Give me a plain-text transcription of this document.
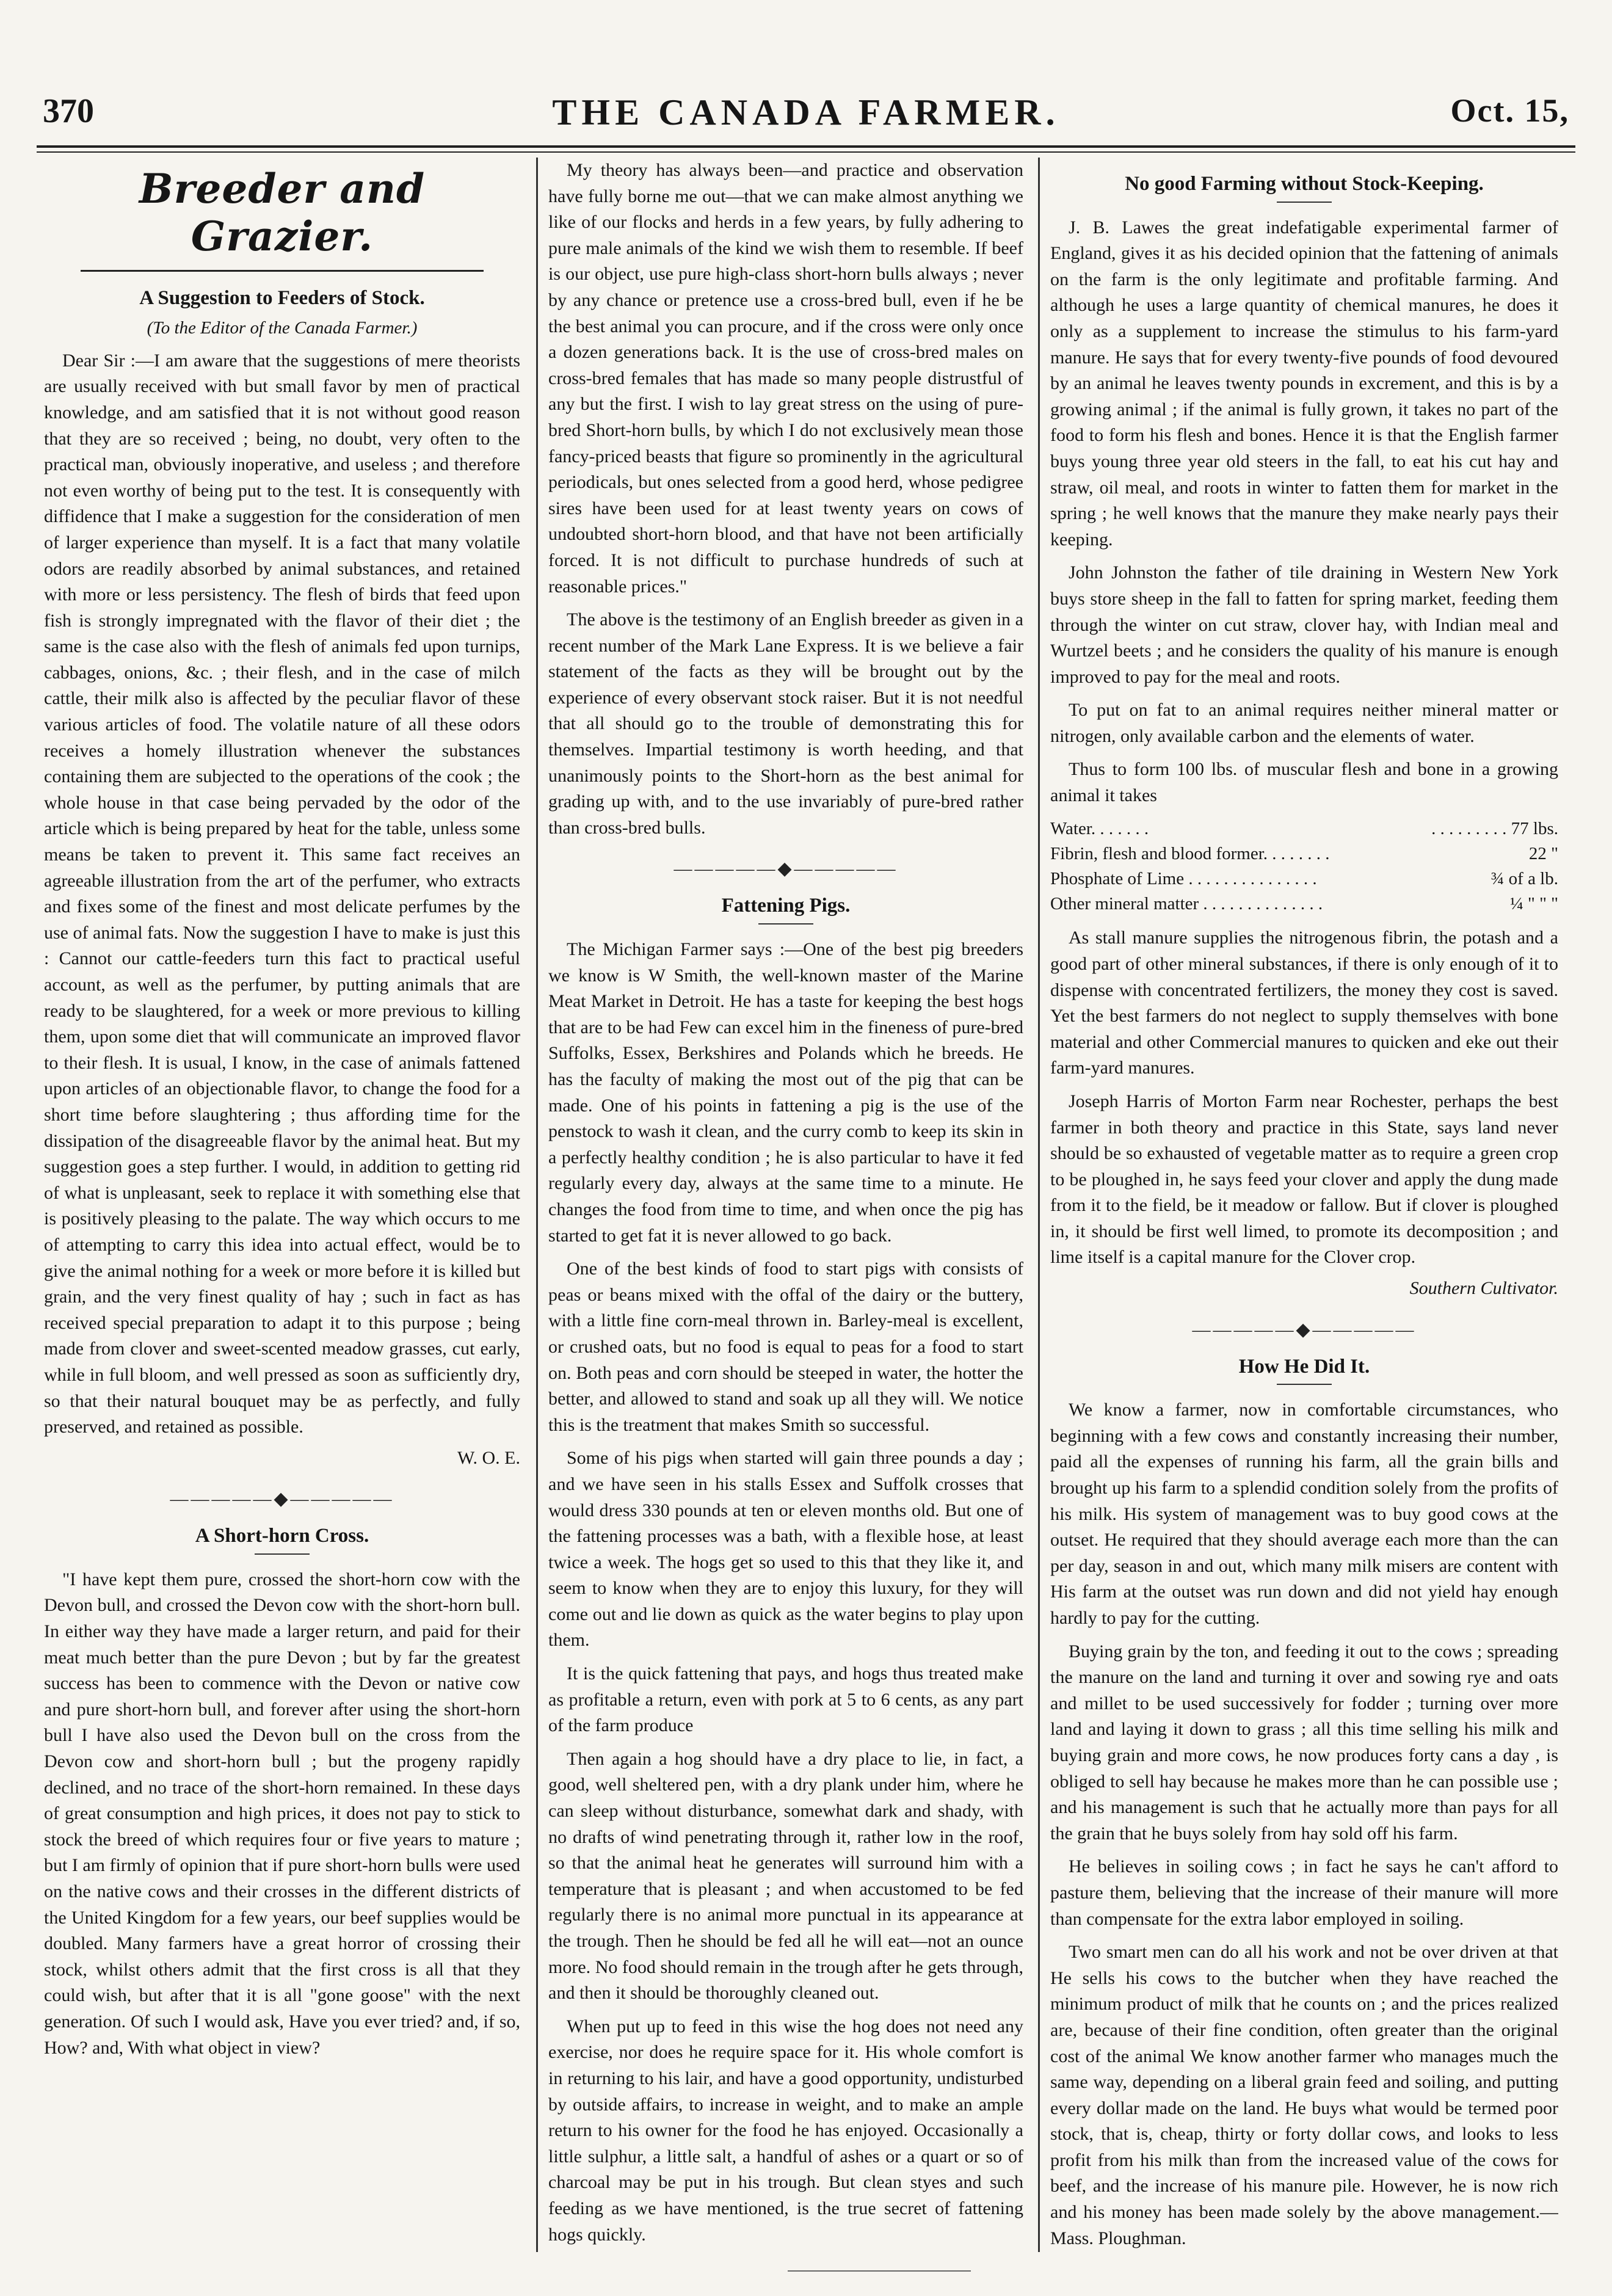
370	THE CANADA FARMER.	Oct. 15,
Breeder and Grazier.
A Suggestion to Feeders of Stock.

(To the Editor of the Canada Farmer.)

Dear Sir :—I am aware that the suggestions of mere theorists are usually received with but small favor by men of practical knowledge, and am satisfied that it is not without good reason that they are so received ; being, no doubt, very often to the practical man, obviously inoperative, and useless ; and therefore not even worthy of being put to the test. It is consequently with diffidence that I make a suggestion for the consideration of men of larger experience than myself. It is a fact that many volatile odors are readily absorbed by animal substances, and retained with more or less persistency. The flesh of birds that feed upon fish is strongly impregnated with the flavor of their diet ; the same is the case also with the flesh of animals fed upon turnips, cabbages, onions, &c. ; their flesh, and in the case of milch cattle, their milk also is affected by the peculiar flavor of these various articles of food. The volatile nature of all these odors receives a homely illustration whenever the substances containing them are subjected to the operations of the cook ; the whole house in that case being pervaded by the odor of the article which is being prepared by heat for the table, unless some means be taken to prevent it. This same fact receives an agreeable illustration from the art of the perfumer, who extracts and fixes some of the finest and most delicate perfumes by the use of animal fats. Now the suggestion I have to make is just this : Cannot our cattle-feeders turn this fact to practical useful account, as well as the perfumer, by putting animals that are ready to be slaughtered, for a week or more previous to killing them, upon some diet that will communicate an improved flavor to their flesh. It is usual, I know, in the case of animals fattened upon articles of an objectionable flavor, to change the food for a short time before slaughtering ; thus affording time for the dissipation of the disagreeable flavor by the animal heat. But my suggestion goes a step further. I would, in addition to getting rid of what is unpleasant, seek to replace it with something else that is positively pleasing to the palate. The way which occurs to me of attempting to carry this idea into actual effect, would be to give the animal nothing for a week or more before it is killed but grain, and the very finest quality of hay ; such in fact as has received special preparation to adapt it to this purpose ; being made from clover and sweet-scented meadow grasses, cut early, while in full bloom, and well pressed as soon as sufficiently dry, so that their natural bouquet may be as perfectly, and fully preserved, and retained as possible.

W. O. E.

―――――◆―――――
A Short-horn Cross.

"I have kept them pure, crossed the short-horn cow with the Devon bull, and crossed the Devon cow with the short-horn bull. In either way they have made a larger return, and paid for their meat much better than the pure Devon ; but by far the greatest success has been to commence with the Devon or native cow and pure short-horn bull, and forever after using the short-horn bull I have also used the Devon bull on the cross from the Devon cow and short-horn bull ; but the progeny rapidly declined, and no trace of the short-horn remained. In these days of great consumption and high prices, it does not pay to stick to stock the breed of which requires four or five years to mature ; but I am firmly of opinion that if pure short-horn bulls were used on the native cows and their crosses in the different districts of the United Kingdom for a few years, our beef supplies would be doubled. Many farmers have a great horror of crossing their stock, whilst others admit that the first cross is all that they could wish, but after that it is all "gone goose" with the next generation. Of such I would ask, Have you ever tried? and, if so, How? and, With what object in view?

My theory has always been—and practice and observation have fully borne me out—that we can make almost anything we like of our flocks and herds in a few years, by fully adhering to pure male animals of the kind we wish them to resemble. If beef is our object, use pure high-class short-horn bulls always ; never by any chance or pretence use a cross-bred bull, even if he be the best animal you can procure, and if the cross were only once a dozen generations back. It is the use of cross-bred males on cross-bred females that has made so many people distrustful of any but the first. I wish to lay great stress on the using of pure-bred Short-horn bulls, by which I do not exclusively mean those fancy-priced beasts that figure so prominently in the agricultural periodicals, but ones selected from a good herd, whose pedigree sires have been used for at least twenty years on cows of undoubted short-horn blood, and that have not been artificially forced. It is not difficult to purchase hundreds of such at reasonable prices."

The above is the testimony of an English breeder as given in a recent number of the Mark Lane Express. It is we believe a fair statement of the facts as they will be brought out by the experience of every observant stock raiser. But it is not needful that all should go to the trouble of demonstrating this for themselves. Impartial testimony is worth heeding, and that unanimously points to the Short-horn as the best animal for grading up with, and to the use invariably of pure-bred rather than cross-bred bulls.

―――――◆―――――
Fattening Pigs.

The Michigan Farmer says :—One of the best pig breeders we know is W Smith, the well-known master of the Marine Meat Market in Detroit. He has a taste for keeping the best hogs that are to be had Few can excel him in the fineness of pure-bred Suffolks, Essex, Berkshires and Polands which he breeds. He has the faculty of making the most out of the pig that can be made. One of his points in fattening a pig is the use of the penstock to wash it clean, and the curry comb to keep its skin in a perfectly healthy condition ; he is also particular to have it fed regularly every day, always at the same time to a minute. He changes the food from time to time, and when once the pig has started to get fat it is never allowed to go back.

One of the best kinds of food to start pigs with consists of peas or beans mixed with the offal of the dairy or the buttery, with a little fine corn-meal thrown in. Barley-meal is excellent, or crushed oats, but no food is equal to peas for a food to start on. Both peas and corn should be steeped in water, the hotter the better, and allowed to stand and soak up all they will. We notice this is the treatment that makes Smith so successful.

Some of his pigs when started will gain three pounds a day ; and we have seen in his stalls Essex and Suffolk crosses that would dress 330 pounds at ten or eleven months old. But one of the fattening processes was a bath, with a flexible hose, at least twice a week. The hogs get so used to this that they like it, and seem to know when they are to enjoy this luxury, for they will come out and lie down as quick as the water begins to play upon them.

It is the quick fattening that pays, and hogs thus treated make as profitable a return, even with pork at 5 to 6 cents, as any part of the farm produce

Then again a hog should have a dry place to lie, in fact, a good, well sheltered pen, with a dry plank under him, where he can sleep without disturbance, somewhat dark and shady, with no drafts of wind penetrating through it, rather low in the roof, so that the animal heat he generates will surround him with a temperature that is pleasant ; and when accustomed to be fed regularly there is no animal more punctual in its appearance at the trough. Then he should be fed all he will eat—not an ounce more. No food should remain in the trough after he gets through, and then it should be thoroughly cleaned out.

When put up to feed in this wise the hog does not need any exercise, nor does he require space for it. His whole comfort is in returning to his lair, and have a good opportunity, undisturbed by outside affairs, to increase in weight, and to make an ample return to his owner for the food he has enjoyed. Occasionally a little sulphur, a little salt, a handful of ashes or a quart or so of charcoal may be put in his trough. But clean styes and such feeding as we have mentioned, is the true secret of fattening hogs quickly.

No good Farming without Stock-Keeping.

J. B. Lawes the great indefatigable experimental farmer of England, gives it as his decided opinion that the fattening of animals on the farm is the only legitimate and profitable farming. And although he uses a large quantity of chemical manures, he does it only as a supplement to increase the stimulus to his farm-yard manure. He says that for every twenty-five pounds of food devoured by an animal he leaves twenty pounds in excrement, and this is by a growing animal ; if the animal is fully grown, it takes no part of the food to form his flesh and bones. Hence it is that the English farmer buys young three year old steers in the fall, to eat his cut hay and straw, oil meal, and roots in winter to fatten them for market in the spring ; he well knows that the manure they make nearly pays their keeping.

John Johnston the father of tile draining in Western New York buys store sheep in the fall to fatten for spring market, feeding them through the winter on cut straw, clover hay, with Indian meal and Wurtzel beets ; and he considers the quality of his manure is enough improved to pay for the meal and roots.

To put on fat to an animal requires neither mineral matter or nitrogen, only available carbon and the elements of water.

Thus to form 100 lbs. of muscular flesh and bone in a growing animal it takes

Water. . . . . . .	. . . . . . . . . 77 lbs.
Fibrin, flesh and blood former. . . . . . . .	22 "
Phosphate of Lime . . . . . . . . . . . . . . .	¾ of a lb.
Other mineral matter . . . . . . . . . . . . . .	¼ " " "

As stall manure supplies the nitrogenous fibrin, the potash and a good part of other mineral substances, if there is only enough of it to dispense with concentrated fertilizers, the money they cost is saved. Yet the best farmers do not neglect to supply themselves with bone material and other Commercial manures to quicken and eke out their farm-yard manures.

Joseph Harris of Morton Farm near Rochester, perhaps the best farmer in both theory and practice in this State, says land never should be so exhausted of vegetable matter as to require a green crop to be ploughed in, he says feed your clover and apply the dung made from it to the field, be it meadow or fallow. But if clover is ploughed in, it should be first well limed, to promote its decomposition ; and lime itself is a capital manure for the Clover crop.

Southern Cultivator.

―――――◆―――――
How He Did It.

We know a farmer, now in comfortable circumstances, who beginning with a few cows and constantly increasing their number, paid all the expenses of running his farm, all the grain bills and brought up his farm to a splendid condition solely from the profits of his milk. His system of management was to buy good cows at the outset. He required that they should average each more than the can per day, season in and out, which many milk misers are content with His farm at the outset was run down and did not yield hay enough hardly to pay for the cutting.

Buying grain by the ton, and feeding it out to the cows ; spreading the manure on the land and turning it over and sowing rye and oats and millet to be used successively for fodder ; turning over more land and laying it down to grass ; all this time selling his milk and buying grain and more cows, he now produces forty cans a day , is obliged to sell hay because he makes more than he can possible use ; and his management is such that he actually more than pays for all the grain that he buys solely from hay sold off his farm.

He believes in soiling cows ; in fact he says he can't afford to pasture them, believing that the increase of their manure will more than compensate for the extra labor employed in soiling.

Two smart men can do all his work and not be over driven at that He sells his cows to the butcher when they have reached the minimum product of milk that he counts on ; and the prices realized are, because of their fine condition, often greater than the original cost of the animal We know another farmer who manages much the same way, depending on a liberal grain feed and soiling, and putting every dollar made on the land. He buys what would be termed poor stock, that is, cheap, thirty or forty dollar cows, and looks to less profit from his milk than from the increased value of the cows for beef, and the increase of his manure pile. However, he is now rich and his money has been made solely by the above management.—Mass. Ploughman.
